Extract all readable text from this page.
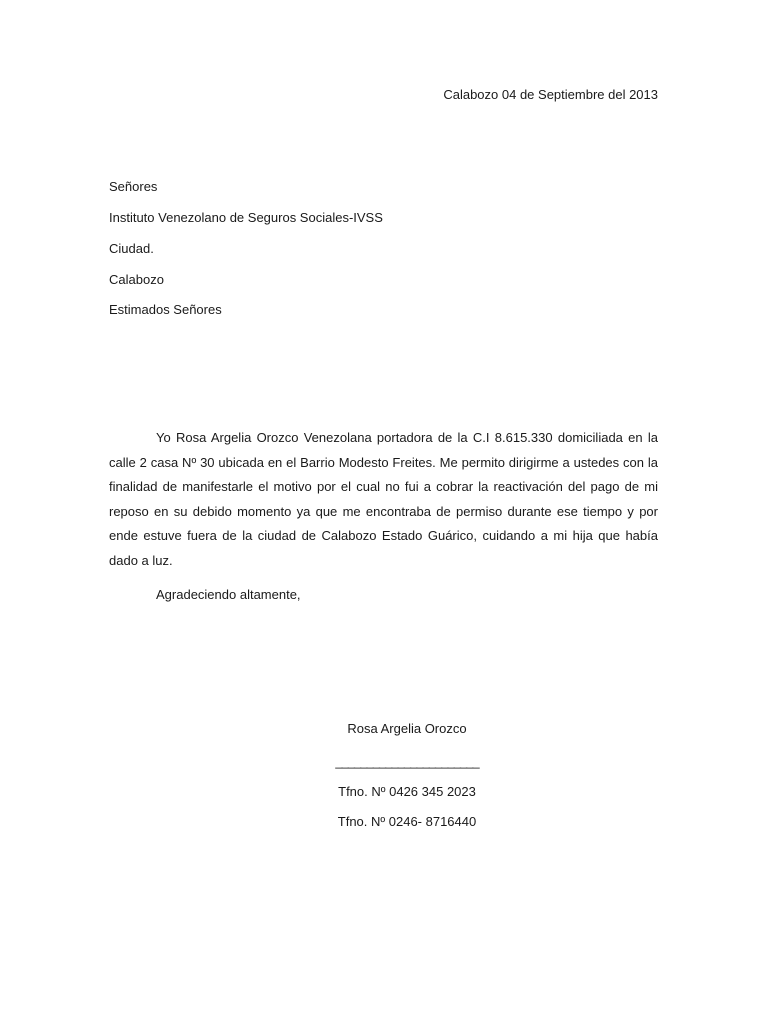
Calabozo 04 de Septiembre del 2013
Señores
Instituto Venezolano de Seguros Sociales-IVSS
Ciudad.
Calabozo
Estimados Señores

Yo Rosa Argelia Orozco Venezolana portadora de la C.I 8.615.330 domiciliada en la calle 2 casa Nº 30 ubicada en el Barrio Modesto Freites. Me permito dirigirme a ustedes con la finalidad de manifestarle el motivo por el cual no fui a cobrar la reactivación del pago de mi reposo en su debido momento ya que me encontraba de permiso durante ese tiempo y por ende estuve fuera de la ciudad de Calabozo Estado Guárico, cuidando a mi hija que había dado a luz.

Agradeciendo altamente,
Rosa Argelia Orozco
_______________________
Tfno. Nº 0426 345 2023
Tfno. Nº 0246- 8716440
